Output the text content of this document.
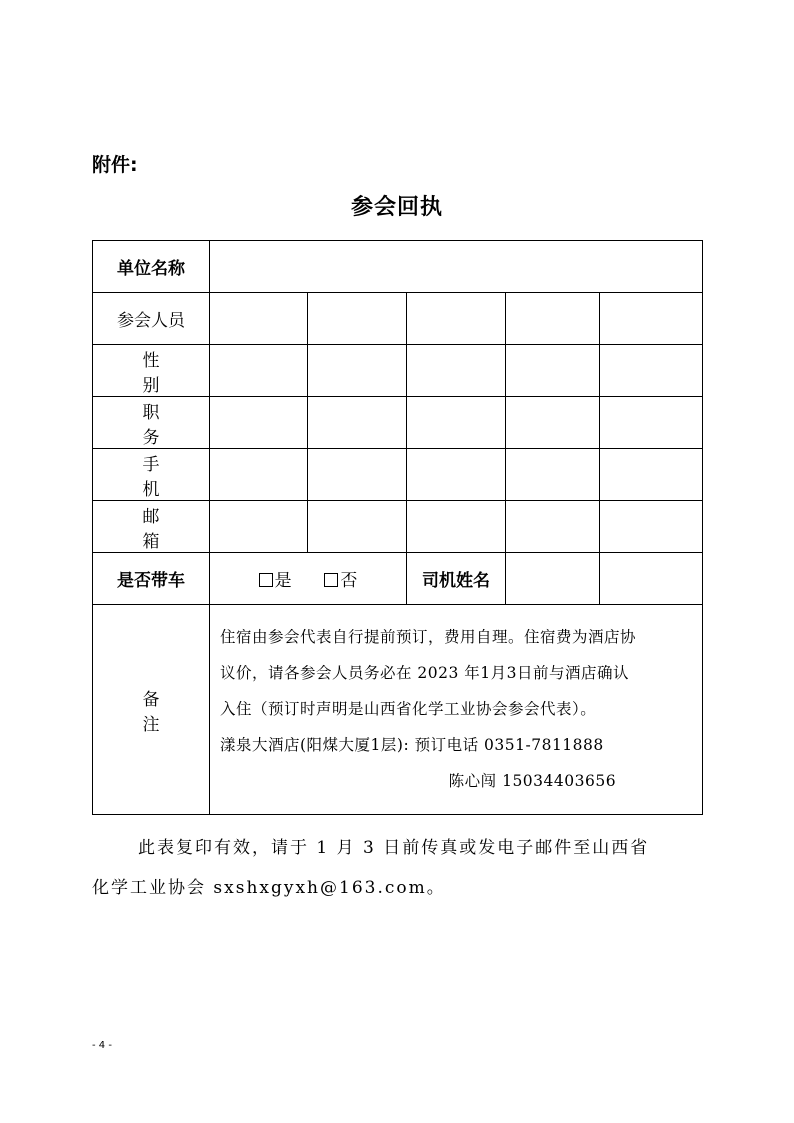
附件:
参会回执
单位名称					
参会人员					
性 别					
职 务					
手 机					
邮 箱					
是否带车	是 否		司机姓名		
备 注	住宿由参会代表自行提前预订，费用自理。住宿费为酒店协
议价，请各参会人员务必在 2023 年1月3日前与酒店确认
入住（预订时声明是山西省化学工业协会参会代表）。
漾泉大酒店(阳煤大厦1层): 预订电话 0351-7811888
陈心闯 15034403656				
此表复印有效，请于 1 月 3 日前传真或发电子邮件至山西省
化学工业协会 sxshxgyxh@163.com。
- 4 -
